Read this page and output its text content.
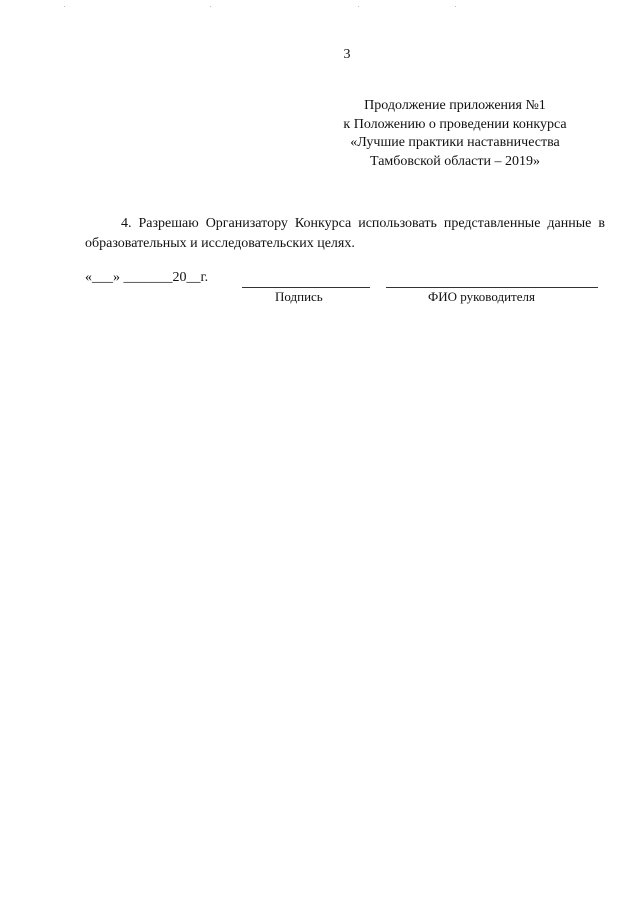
3
Продолжение приложения №1
к Положению о проведении конкурса
«Лучшие практики наставничества
Тамбовской области – 2019»

4. Разрешаю Организатору Конкурса использовать представленные данные в образовательных и исследовательских целях.

«___» _______20__г.
Подпись	ФИО руководителя
